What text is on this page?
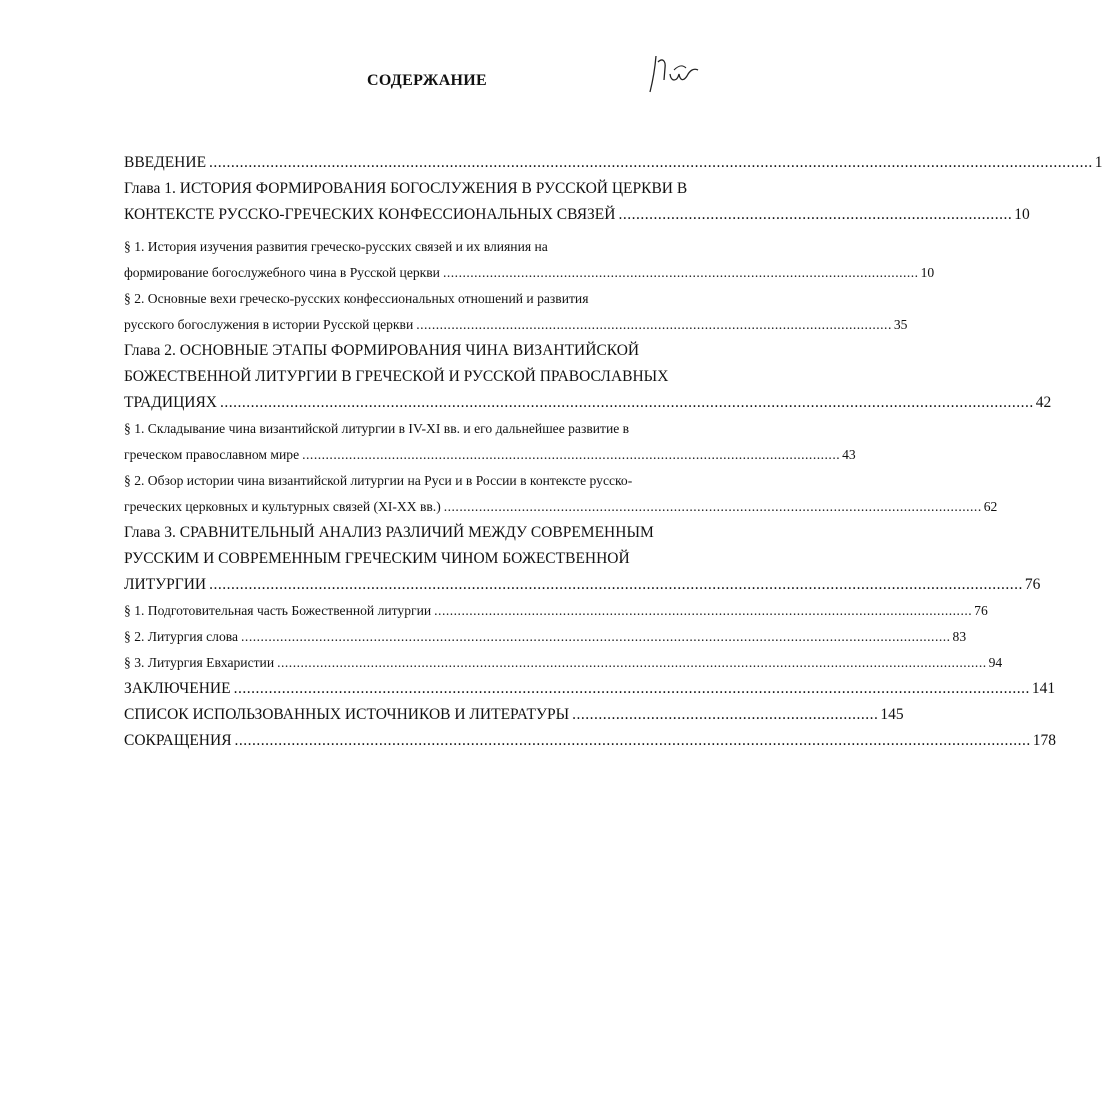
СОДЕРЖАНИЕ
ВВЕДЕНИЕ .......................................................................................................................................................................................................... 1
Глава 1. ИСТОРИЯ ФОРМИРОВАНИЯ БОГОСЛУЖЕНИЯ В РУССКОЙ ЦЕРКВИ В
КОНТЕКСТЕ РУССКО-ГРЕЧЕСКИХ КОНФЕССИОНАЛЬНЫХ СВЯЗЕЙ .......................................................................................... 10
§ 1. История изучения развития греческо-русских связей и их влияния на
формирование богослужебного чина в Русской церкви .......................................................................................................................... 10
§ 2. Основные вехи греческо-русских конфессиональных отношений и развития
русского богослужения в истории Русской церкви .......................................................................................................................... 35
Глава 2. ОСНОВНЫЕ ЭТАПЫ ФОРМИРОВАНИЯ ЧИНА ВИЗАНТИЙСКОЙ
БОЖЕСТВЕННОЙ ЛИТУРГИИ В ГРЕЧЕСКОЙ И РУССКОЙ ПРАВОСЛАВНЫХ
ТРАДИЦИЯХ .......................................................................................................................................................................................... 42
§ 1. Складывание чина византийской литургии в IV-XI вв. и его дальнейшее развитие в
греческом православном мире .......................................................................................................................................... 43
§ 2. Обзор истории чина византийской литургии на Руси и в России в контексте русско-
греческих церковных и культурных связей (XI-XX вв.) .......................................................................................................................................... 62
Глава 3. СРАВНИТЕЛЬНЫЙ АНАЛИЗ РАЗЛИЧИЙ МЕЖДУ СОВРЕМЕННЫМ
РУССКИМ И СОВРЕМЕННЫМ ГРЕЧЕСКИМ ЧИНОМ БОЖЕСТВЕННОЙ
ЛИТУРГИИ .......................................................................................................................................................................................... 76
§ 1. Подготовительная часть Божественной литургии .......................................................................................................................................... 76
§ 2. Литургия слова ...................................................................................................................................................................................... 83
§ 3. Литургия Евхаристии ...................................................................................................................................................................................... 94
ЗАКЛЮЧЕНИЕ ...................................................................................................................................................................................... 141
СПИСОК ИСПОЛЬЗОВАННЫХ ИСТОЧНИКОВ И ЛИТЕРАТУРЫ ...................................................................... 145
СОКРАЩЕНИЯ ...................................................................................................................................................................................... 178
